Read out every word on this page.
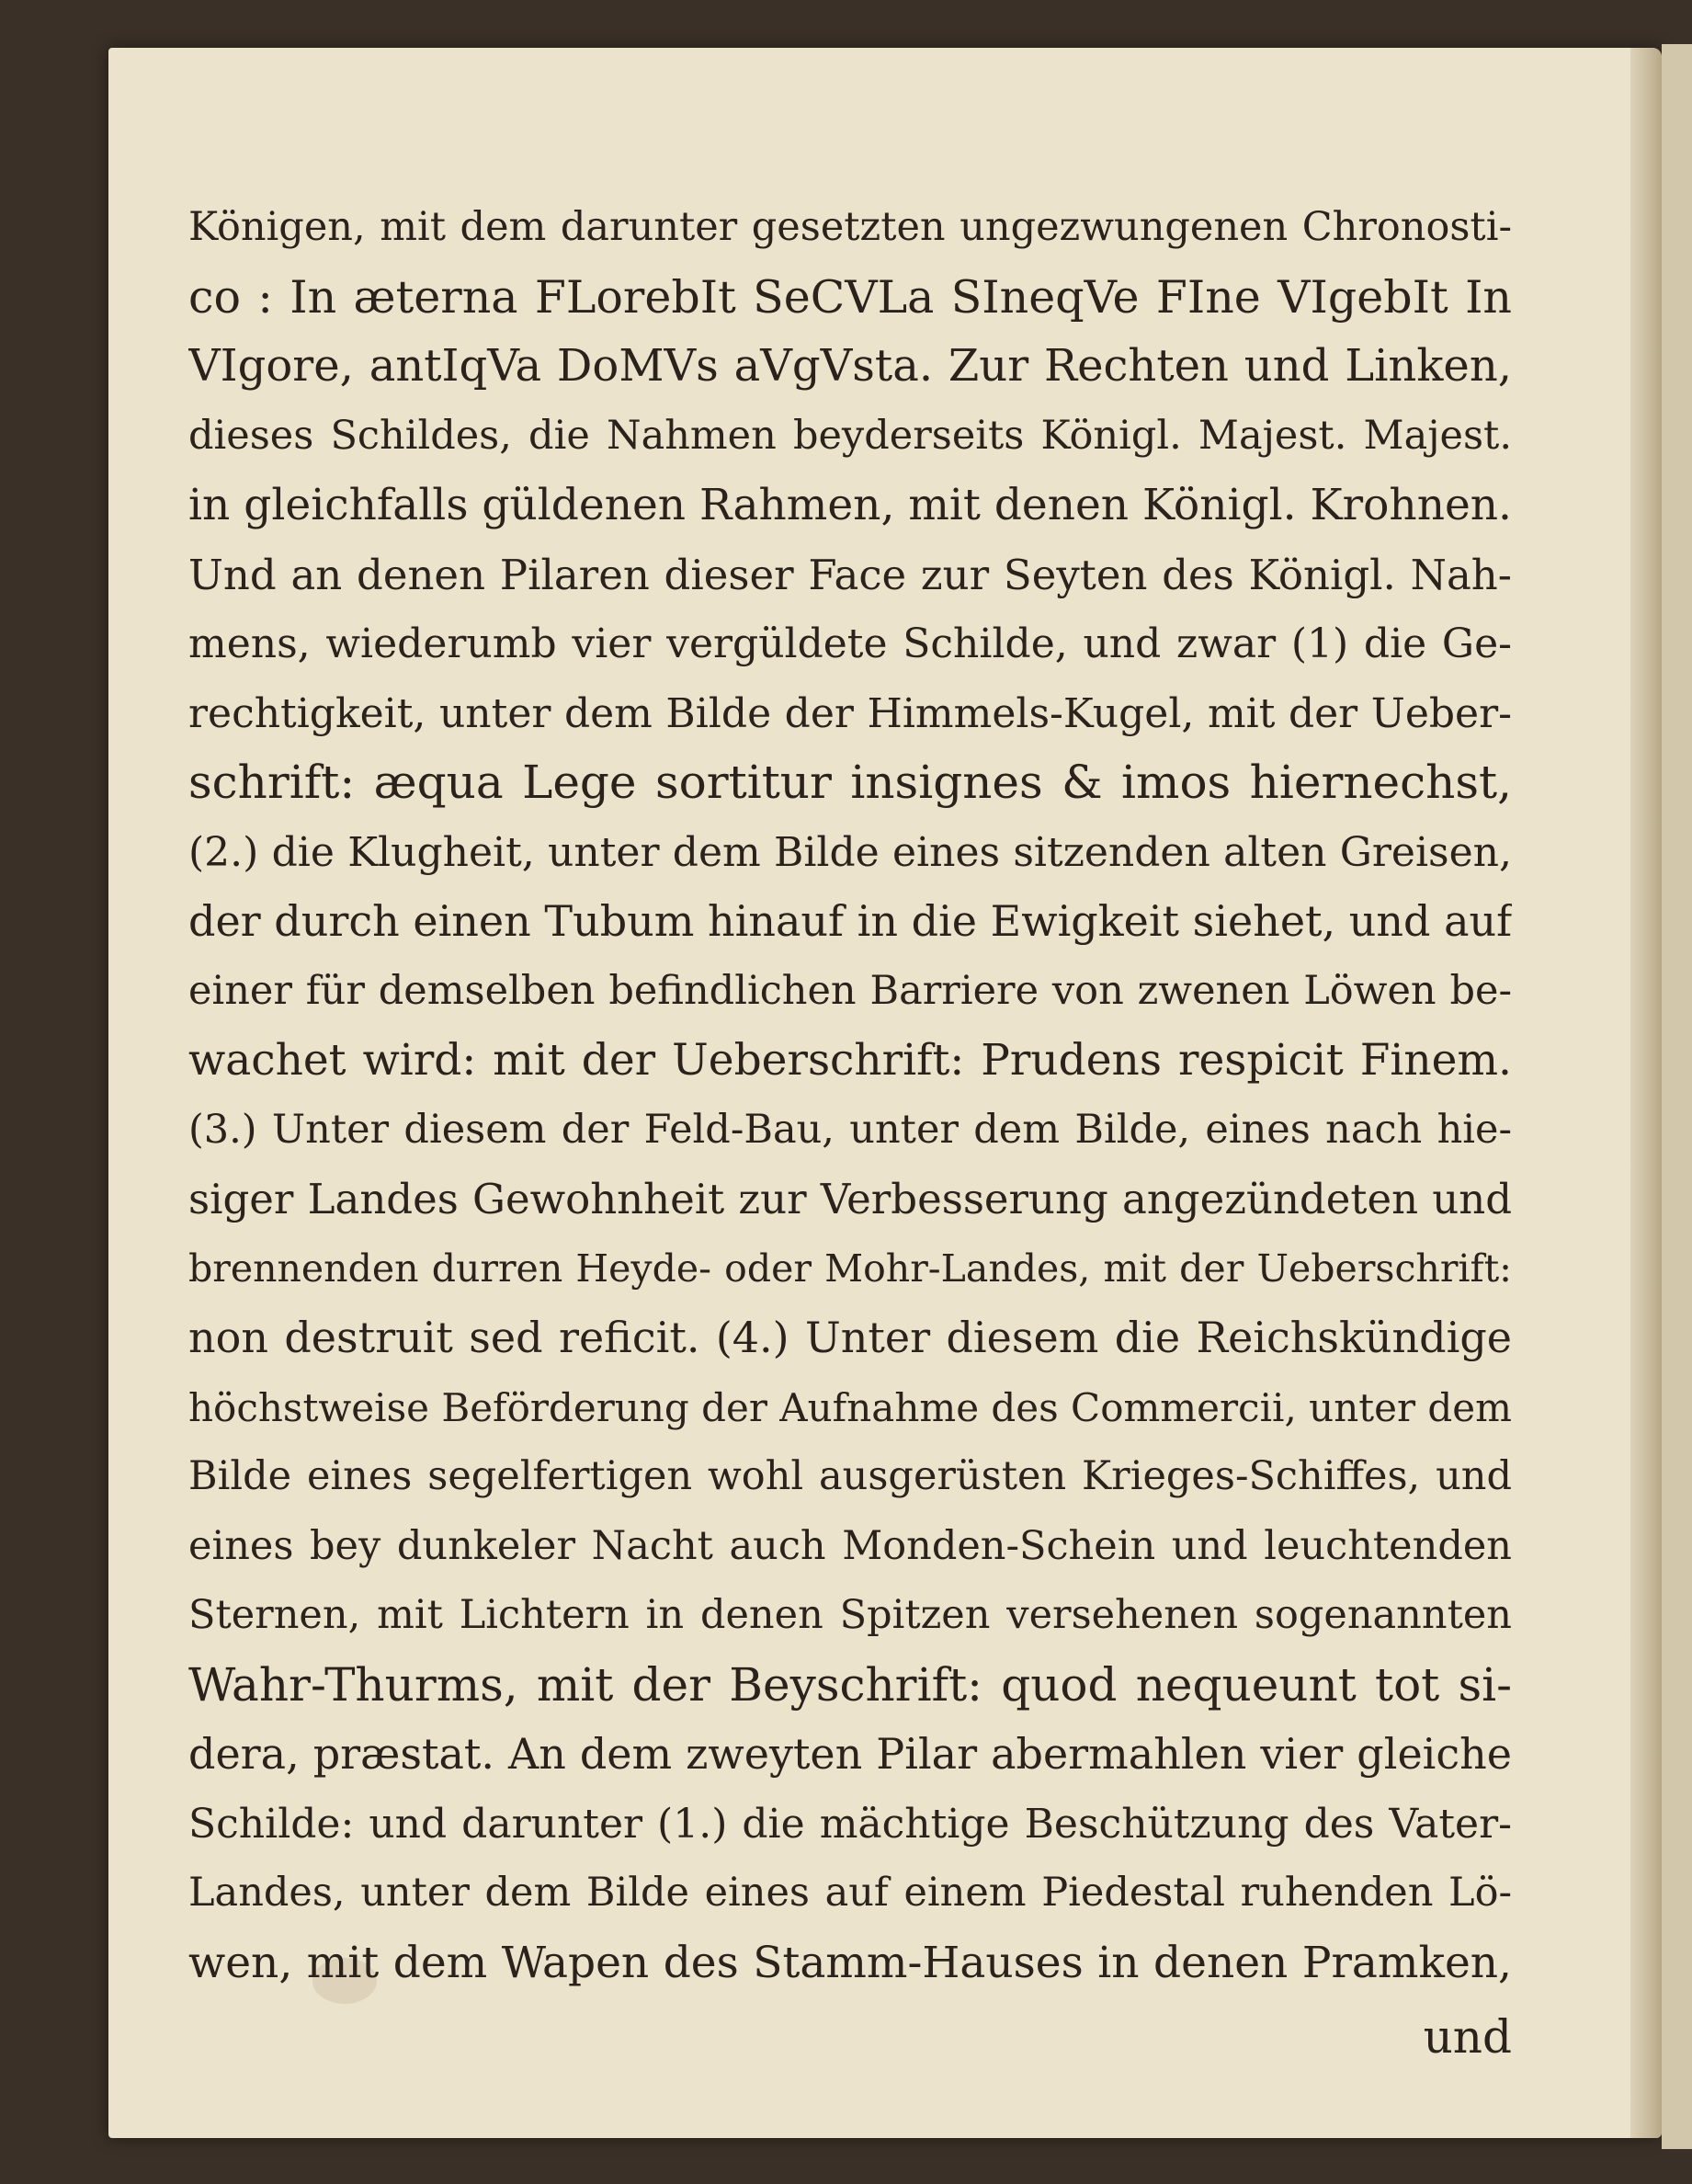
Königen, mit dem darunter gesetzten ungezwungenen Chronosti-
co : In æterna FLorebIt SeCVLa SIneqVe FIne VIgebIt In
VIgore, antIqVa DoMVs aVgVsta. Zur Rechten und Linken,
dieses Schildes, die Nahmen beyderseits Königl. Majest. Majest.
in gleichfalls güldenen Rahmen, mit denen Königl. Krohnen.
Und an denen Pilaren dieser Face zur Seyten des Königl. Nah-
mens, wiederumb vier vergüldete Schilde, und zwar (1) die Ge-
rechtigkeit, unter dem Bilde der Himmels-Kugel, mit der Ueber-
schrift: æqua Lege sortitur insignes & imos hiernechst,
(2.) die Klugheit, unter dem Bilde eines sitzenden alten Greisen,
der durch einen Tubum hinauf in die Ewigkeit siehet, und auf
einer für demselben befindlichen Barriere von zwenen Löwen be-
wachet wird: mit der Ueberschrift: Prudens respicit Finem.
(3.) Unter diesem der Feld-Bau, unter dem Bilde, eines nach hie-
siger Landes Gewohnheit zur Verbesserung angezündeten und
brennenden durren Heyde- oder Mohr-Landes, mit der Ueberschrift:
non destruit sed reficit. (4.) Unter diesem die Reichskündige
höchstweise Beförderung der Aufnahme des Commercii, unter dem
Bilde eines segelfertigen wohl ausgerüsten Krieges-Schiffes, und
eines bey dunkeler Nacht auch Monden-Schein und leuchtenden
Sternen, mit Lichtern in denen Spitzen versehenen sogenannten
Wahr-Thurms, mit der Beyschrift: quod nequeunt tot si-
dera, præstat. An dem zweyten Pilar abermahlen vier gleiche
Schilde: und darunter (1.) die mächtige Beschützung des Vater-
Landes, unter dem Bilde eines auf einem Piedestal ruhenden Lö-
wen, mit dem Wapen des Stamm-Hauses in denen Pramken,
und
